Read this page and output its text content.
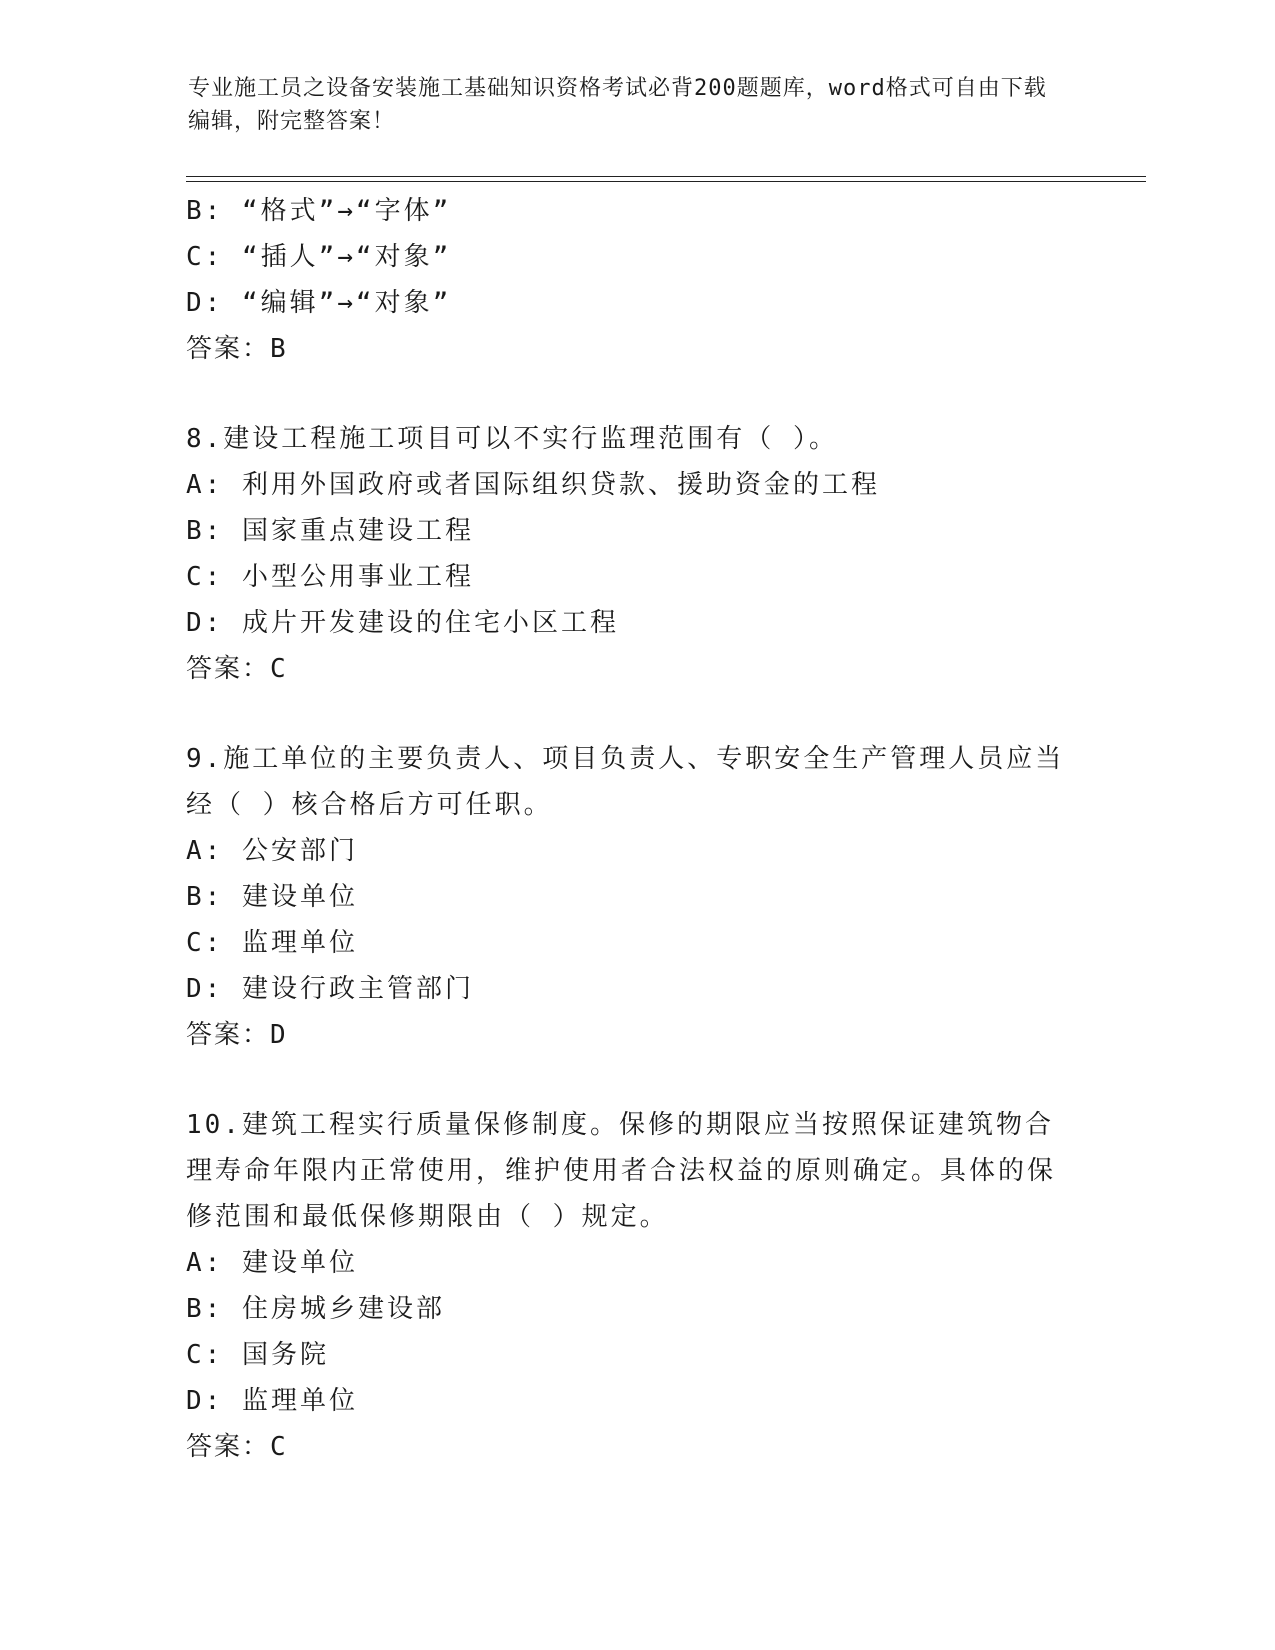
专业施工员之设备安装施工基础知识资格考试必背200题题库，word格式可自由下载编辑，附完整答案！
B: “格式”→“字体”
C: “插人”→“对象”
D: “编辑”→“对象”
答案：B
8.建设工程施工项目可以不实行监理范围有（ ）。
A: 利用外国政府或者国际组织贷款、援助资金的工程
B: 国家重点建设工程
C: 小型公用事业工程
D: 成片开发建设的住宅小区工程
答案：C
9.施工单位的主要负责人、项目负责人、专职安全生产管理人员应当经（ ）核合格后方可任职。
A: 公安部门
B: 建设单位
C: 监理单位
D: 建设行政主管部门
答案：D
10.建筑工程实行质量保修制度。保修的期限应当按照保证建筑物合理寿命年限内正常使用，维护使用者合法权益的原则确定。具体的保修范围和最低保修期限由（ ）规定。
A: 建设单位
B: 住房城乡建设部
C: 国务院
D: 监理单位
答案：C
